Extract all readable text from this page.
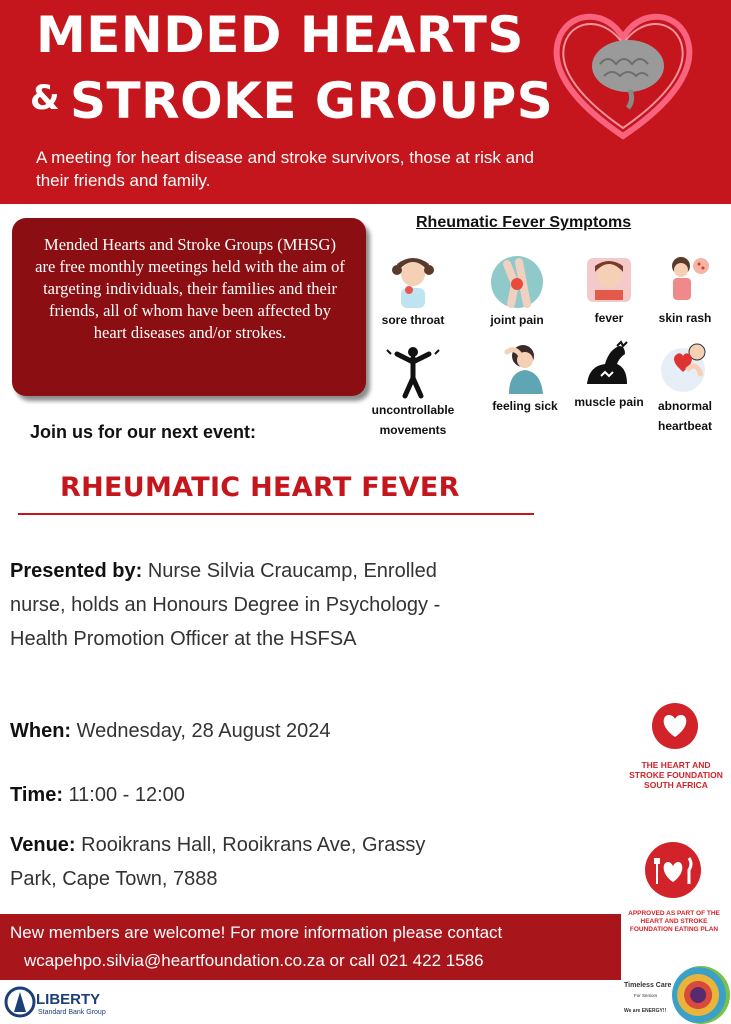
MENDED HEARTS
& STROKE GROUPS
A meeting for heart disease and stroke survivors, those at risk and their friends and family.
Mended Hearts and Stroke Groups (MHSG) are free monthly meetings held with the aim of targeting individuals, their families and their friends, all of whom have been affected by heart diseases and/or strokes.
Rheumatic Fever Symptoms
sore throat	joint pain	fever	skin rash
uncontrollable movements
feeling sick	muscle pain	abnormal heartbeat
Join us for our next event:
RHEUMATIC HEART FEVER
Presented by: Nurse Silvia Craucamp, Enrolled nurse, holds an Honours Degree in Psychology - Health Promotion Officer at the HSFSA
When: Wednesday, 28 August 2024
Time: 11:00 - 12:00
Venue: Rooikrans Hall, Rooikrans Ave, Grassy Park, Cape Town, 7888
THE HEART AND STROKE FOUNDATION SOUTH AFRICA
APPROVED AS PART OF THE HEART AND STROKE FOUNDATION EATING PLAN
New members are welcome! For more information please contact
wcapehpo.silvia@heartfoundation.co.za or call 021 422 1586
LIBERTY
Standard Bank Group
Timeless Care
For Seniors
We are ENERGY!!
